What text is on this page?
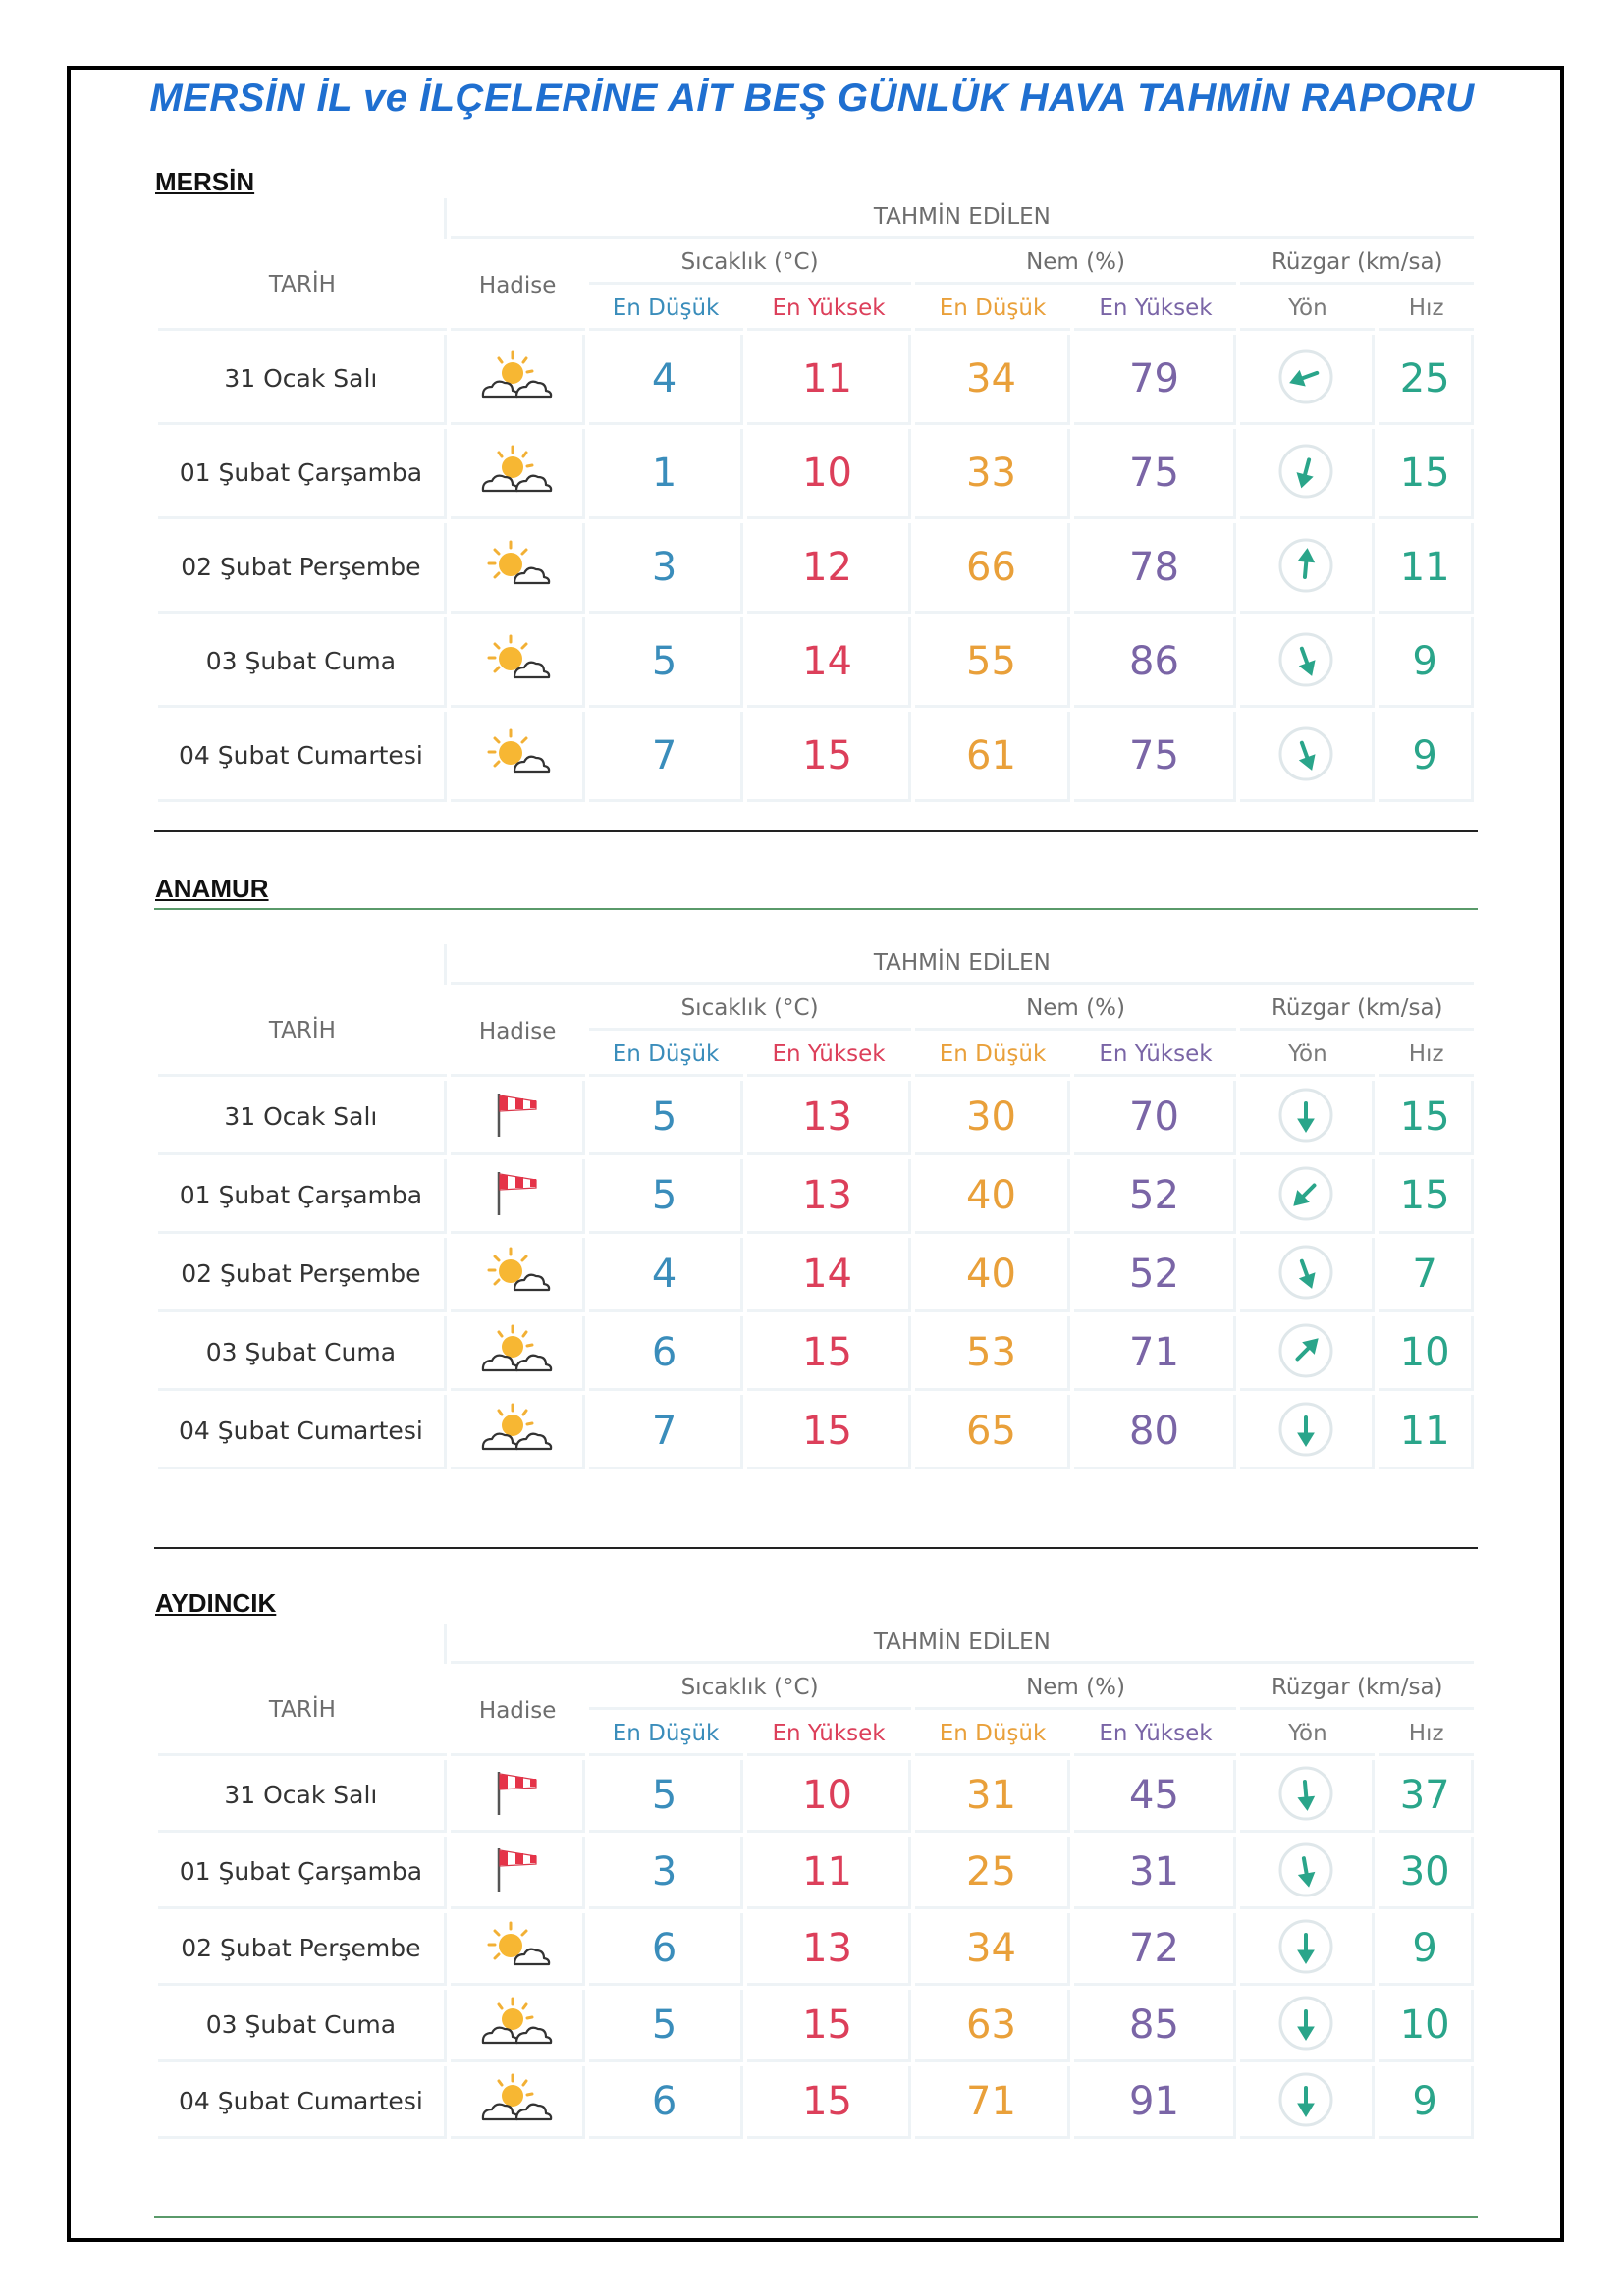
MERSİN İL ve İLÇELERİNE AİT BEŞ GÜNLÜK HAVA TAHMİN RAPORU
MERSİN
	TAHMİN EDİLEN						
TARİH	Hadise	Sıcaklık (°C)		Nem (%)		Rüzgar (km/sa)	
		En Düşük	En Yüksek	En Düşük	En Yüksek	Yön	Hız
31 Ocak Salı		4	11	34	79		25
01 Şubat Çarşamba		1	10	33	75		15
02 Şubat Perşembe		3	12	66	78		11
03 Şubat Cuma		5	14	55	86		9
04 Şubat Cumartesi		7	15	61	75		9
ANAMUR
	TAHMİN EDİLEN						
TARİH	Hadise	Sıcaklık (°C)		Nem (%)		Rüzgar (km/sa)	
		En Düşük	En Yüksek	En Düşük	En Yüksek	Yön	Hız
31 Ocak Salı		5	13	30	70		15
01 Şubat Çarşamba		5	13	40	52		15
02 Şubat Perşembe		4	14	40	52		7
03 Şubat Cuma		6	15	53	71		10
04 Şubat Cumartesi		7	15	65	80		11
AYDINCIK
	TAHMİN EDİLEN						
TARİH	Hadise	Sıcaklık (°C)		Nem (%)		Rüzgar (km/sa)	
		En Düşük	En Yüksek	En Düşük	En Yüksek	Yön	Hız
31 Ocak Salı		5	10	31	45		37
01 Şubat Çarşamba		3	11	25	31		30
02 Şubat Perşembe		6	13	34	72		9
03 Şubat Cuma		5	15	63	85		10
04 Şubat Cumartesi		6	15	71	91		9
